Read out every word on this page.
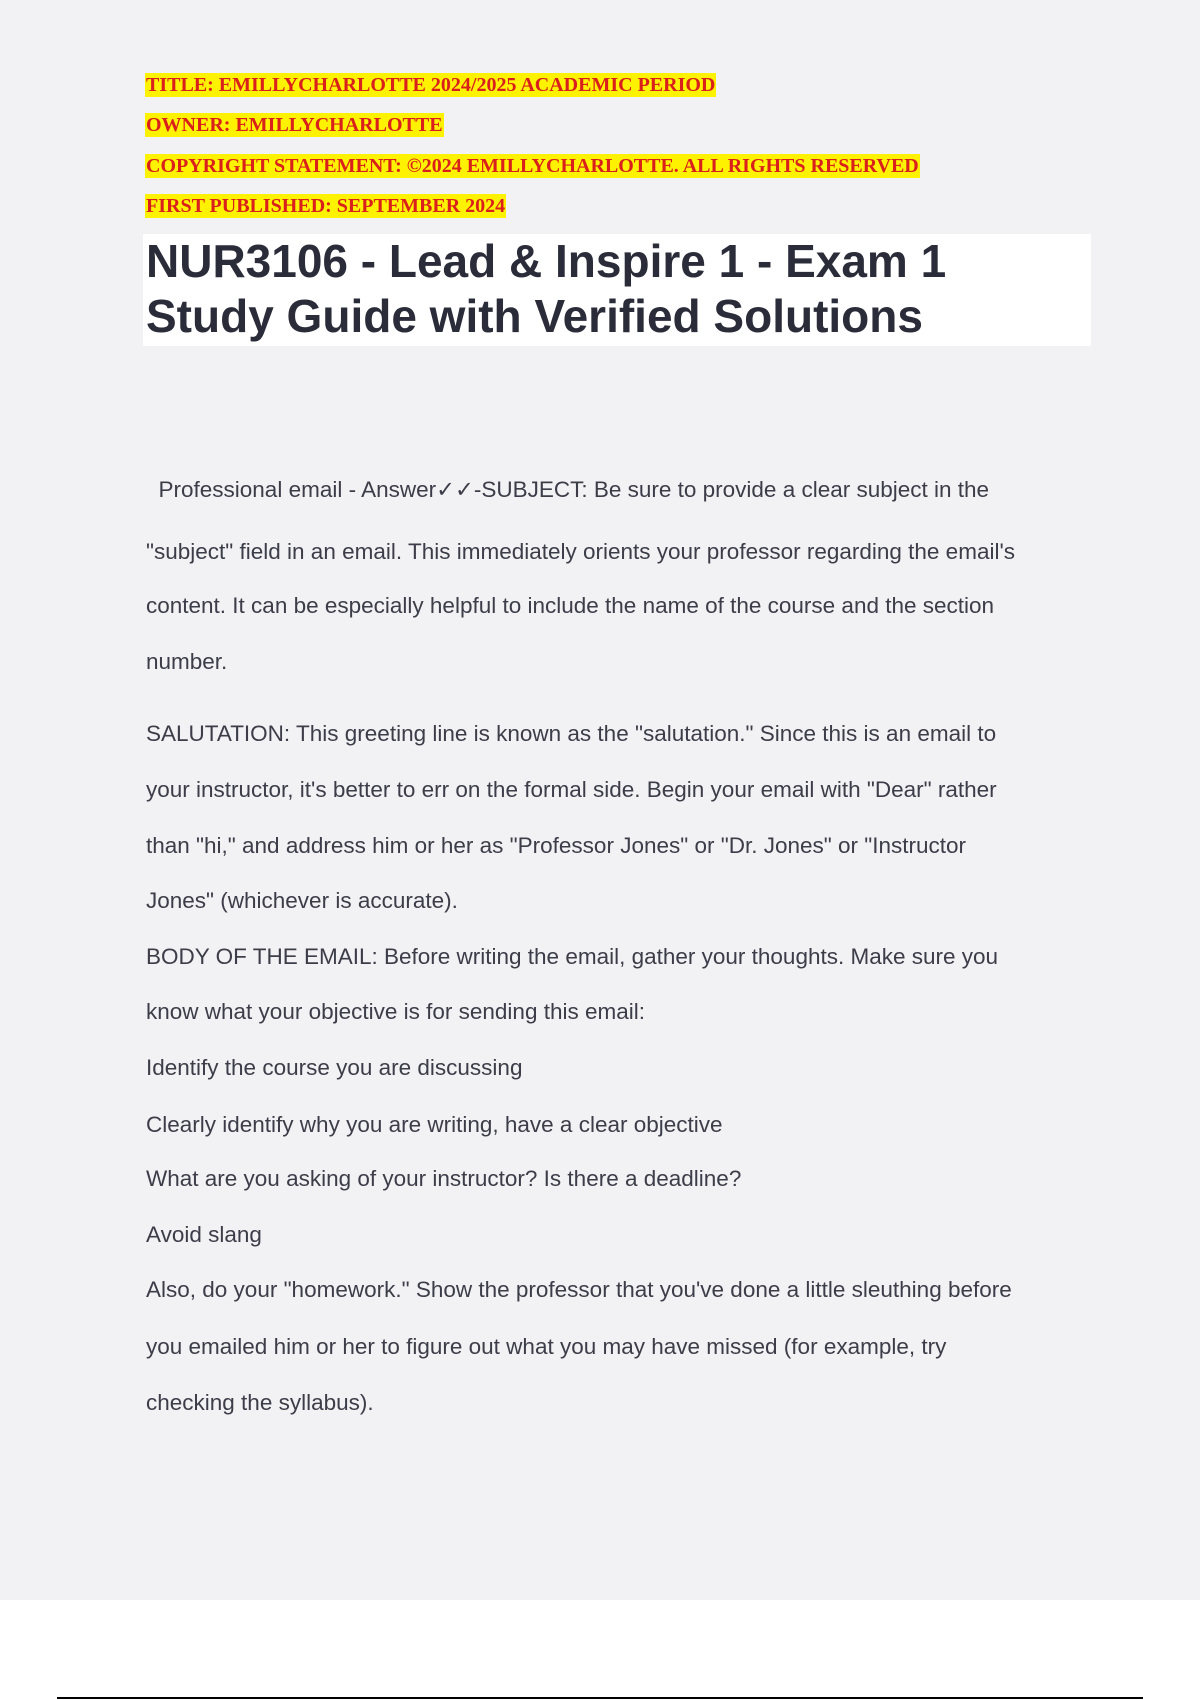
TITLE: EMILLYCHARLOTTE 2024/2025 ACADEMIC PERIOD
OWNER: EMILLYCHARLOTTE
COPYRIGHT STATEMENT: ©2024 EMILLYCHARLOTTE. ALL RIGHTS RESERVED
FIRST PUBLISHED: SEPTEMBER 2024
NUR3106 - Lead & Inspire 1 - Exam 1
Study Guide with Verified Solutions
Professional email - Answer✓✓-SUBJECT: Be sure to provide a clear subject in the
"subject" field in an email. This immediately orients your professor regarding the email's
content. It can be especially helpful to include the name of the course and the section
number.
SALUTATION: This greeting line is known as the "salutation." Since this is an email to
your instructor, it's better to err on the formal side. Begin your email with "Dear" rather
than "hi," and address him or her as "Professor Jones" or "Dr. Jones" or "Instructor
Jones" (whichever is accurate).
BODY OF THE EMAIL: Before writing the email, gather your thoughts. Make sure you
know what your objective is for sending this email:
Identify the course you are discussing
Clearly identify why you are writing, have a clear objective
What are you asking of your instructor? Is there a deadline?
Avoid slang
Also, do your "homework." Show the professor that you've done a little sleuthing before
you emailed him or her to figure out what you may have missed (for example, try
checking the syllabus).
